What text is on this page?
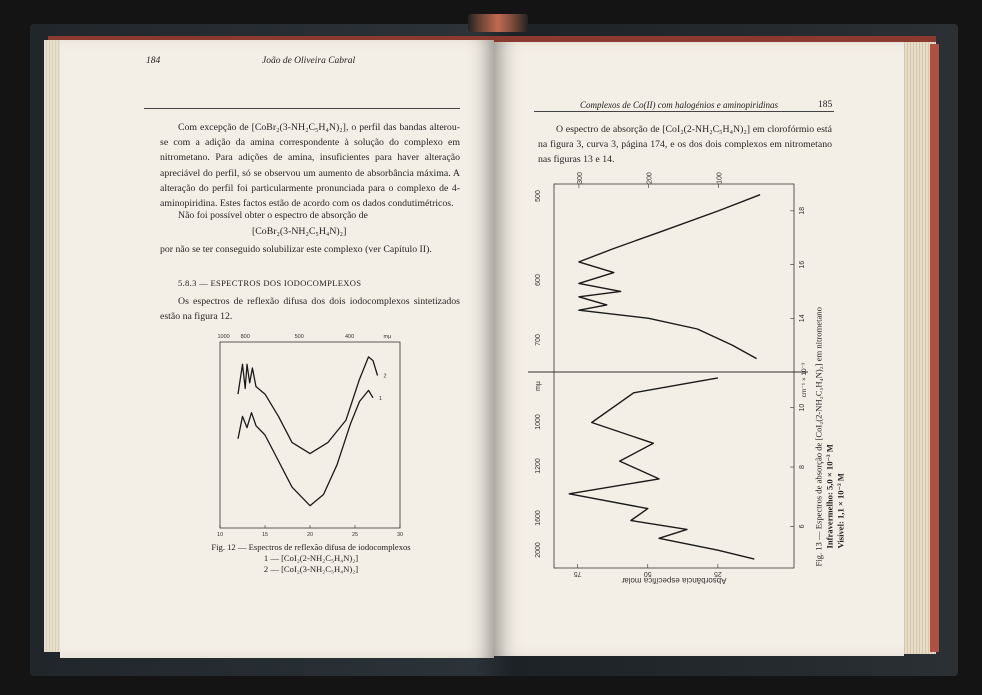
184	João de Oliveira Cabral

Com excepção de [CoBr₂(3-NH₂C₅H₄N)₂], o perfil das bandas alterou-se com a adição da amina correspondente à solução do complexo em nitrometano. Para adições de amina, insuficientes para haver alteração apreciável do perfil, só se observou um aumento de absorbância máxima. A alteração do perfil foi particularmente pronunciada para o complexo de 4-aminopiridina. Estes factos estão de acordo com os dados condutimétricos.

Não foi possível obter o espectro de absorção de

[CoBr₂(3-NH₂C₅H₄N)₂]

por não se ter conseguido solubilizar este complexo (ver Capítulo II).

5.8.3 — ESPECTROS DOS IODOCOMPLEXOS

Os espectros de reflexão difusa dos dois iodocomplexos sintetizados estão na figura 12.

1000 800	500	400	mµ
10	15	20	25	30
2
1
Fig. 12 — Espectros de reflexão difusa de iodocomplexos
1 — [CoI₂(2-NH₂C₅H₄N)₂]
2 — [CoI₂(3-NH₂C₅H₄N)₂]
Complexos de Co(II) com halogénios e aminopiridinas	185

O espectro de absorção de [CoI₂(2-NH₂C₅H₄N)₂] em clorofórmio está na figura 3, curva 3, página 174, e os dos dois complexos em nitrometano nas figuras 13 e 14.

6
8
10
14
16
18
cm⁻¹ × 10⁻³
2000
1600
1200
1000
mµ
700
600
500
300	200	100
75	50	25
Absorbância específica molar
Fig. 13 — Espectros de absorção de [CoI₂(2-NH₂C₅H₄N)₂] em nitrometano Infravermelho: 5,0 × 10⁻³ M Visível: 1,1 × 10⁻³ M
